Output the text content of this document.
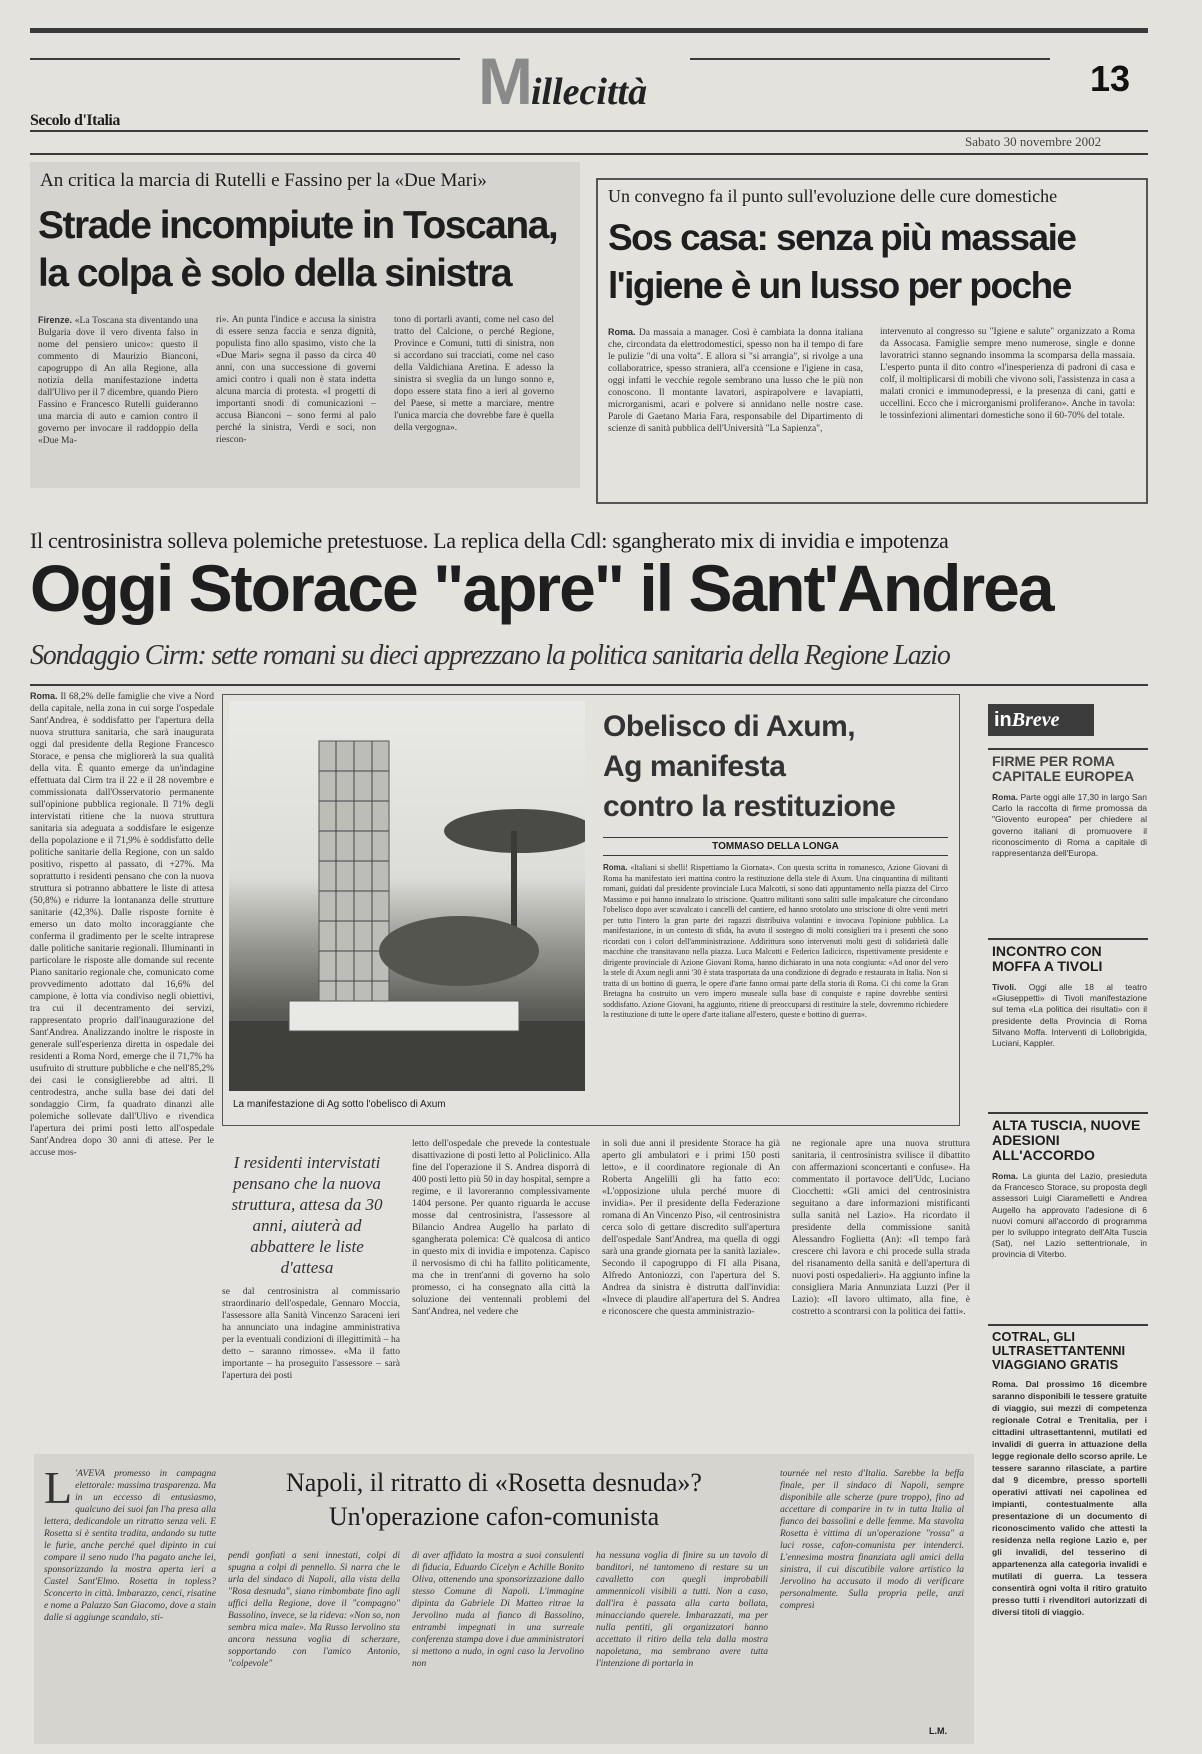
Millecittà	13
Secolo d'Italia
Sabato 30 novembre 2002
An critica la marcia di Rutelli e Fassino per la «Due Mari»
Strade incompiute in Toscana,
la colpa è solo della sinistra
Firenze. «La Toscana sta diventando una Bulgaria dove il vero diventa falso in nome del pensiero unico»: questo il commento di Maurizio Bianconi, capogruppo di An alla Regione, alla notizia della manifestazione indetta dall'Ulivo per il 7 dicembre, quando Piero Fassino e Francesco Rutelli guideranno una marcia di auto e camion contro il governo per invocare il raddoppio della «Due Ma-
ri». An punta l'indice e accusa la sinistra di essere senza faccia e senza dignità, populista fino allo spasimo, visto che la «Due Mari» segna il passo da circa 40 anni, con una successione di governi amici contro i quali non è stata indetta alcuna marcia di protesta. «I progetti di importanti snodi di comunicazioni – accusa Bianconi – sono fermi al palo perché la sinistra, Verdi e soci, non riescon-
tono di portarli avanti, come nel caso del tratto del Calcione, o perché Regione, Province e Comuni, tutti di sinistra, non si accordano sui tracciati, come nel caso della Valdichiana Aretina. E adesso la sinistra si sveglia da un lungo sonno e, dopo essere stata fino a ieri al governo del Paese, si mette a marciare, mentre l'unica marcia che dovrebbe fare è quella della vergogna».
Un convegno fa il punto sull'evoluzione delle cure domestiche
Sos casa: senza più massaie
l'igiene è un lusso per poche
Roma. Da massaia a manager. Così è cambiata la donna italiana che, circondata da elettrodomestici, spesso non ha il tempo di fare le pulizie "di una volta". E allora si "si arrangia", si rivolge a una collaboratrice, spesso straniera, all'a ccensione e l'igiene in casa, oggi infatti le vecchie regole sembrano una lusso che le più non conoscono. Il montante lavatori, aspirapolvere e lavapiatti, microrganismi, acari e polvere si annidano nelle nostre case. Parole di Gaetano Maria Fara, responsabile del Dipartimento di scienze di sanità pubblica dell'Università "La Sapienza",
intervenuto al congresso su "Igiene e salute" organizzato a Roma da Assocasa. Famiglie sempre meno numerose, single e donne lavoratrici stanno segnando insomma la scomparsa della massaia. L'esperto punta il dito contro «l'inesperienza di padroni di casa e colf, il moltiplicarsi di mobili che vivono soli, l'assistenza in casa a malati cronici e immunodepressi, e la presenza di cani, gatti e uccellini. Ecco che i microrganismi proliferano». Anche in tavola: le tossinfezioni alimentari domestiche sono il 60-70% del totale.
Il centrosinistra solleva polemiche pretestuose. La replica della Cdl: sgangherato mix di invidia e impotenza
Oggi Storace "apre" il Sant'Andrea
Sondaggio Cirm: sette romani su dieci apprezzano la politica sanitaria della Regione Lazio
Roma. Il 68,2% delle famiglie che vive a Nord della capitale, nella zona in cui sorge l'ospedale Sant'Andrea, è soddisfatto per l'apertura della nuova struttura sanitaria, che sarà inaugurata oggi dal presidente della Regione Francesco Storace, e pensa che migliorerà la sua qualità della vita. È quanto emerge da un'indagine effettuata dal Cirm tra il 22 e il 28 novembre e commissionata dall'Osservatorio permanente sull'opinione pubblica regionale. Il 71% degli intervistati ritiene che la nuova struttura sanitaria sia adeguata a soddisfare le esigenze della popolazione e il 71,9% è soddisfatto delle politiche sanitarie della Regione, con un saldo positivo, rispetto al passato, di +27%. Ma soprattutto i residenti pensano che con la nuova struttura si potranno abbattere le liste di attesa (50,8%) e ridurre la lontananza delle strutture sanitarie (42,3%). Dalle risposte fornite è emerso un dato molto incoraggiante che conferma il gradimento per le scelte intraprese dalle politiche sanitarie regionali. Illuminanti in particolare le risposte alle domande sul recente Piano sanitario regionale che, comunicato come provvedimento adottato dal 16,6% del campione, è lotta via condiviso negli obiettivi, tra cui il decentramento dei servizi, rappresentato proprio dall'inaugurazione del Sant'Andrea. Analizzando inoltre le risposte in generale sull'esperienza diretta in ospedale dei residenti a Roma Nord, emerge che il 71,7% ha usufruito di strutture pubbliche e che nell'85,2% dei casi le consiglierebbe ad altri. Il centrodestra, anche sulla base dei dati del sondaggio Cirm, fa quadrato dinanzi alle polemiche sollevate dall'Ulivo e rivendica l'apertura dei primi posti letto all'ospedale Sant'Andrea dopo 30 anni di attese. Per le accuse mos-
La manifestazione di Ag sotto l'obelisco di Axum
Obelisco di Axum,
Ag manifesta
contro la restituzione
TOMMASO DELLA LONGA
Roma. «Italiani si sbelli! Rispettiamo la Giornata». Con questa scritta in romanesco, Azione Giovani di Roma ha manifestato ieri mattina contro la restituzione della stele di Axum. Una cinquantina di militanti romani, guidati dal presidente provinciale Luca Malcotti, si sono dati appuntamento nella piazza del Circo Massimo e poi hanno innalzato lo striscione. Quattro militanti sono saliti sulle impalcature che circondano l'obelisco dopo aver scavalcato i cancelli del cantiere, ed hanno srotolato uno striscione di oltre venti metri per tutto l'intero la gran parte dei ragazzi distribuiva volantini e invocava l'opinione pubblica. La manifestazione, in un contesto di sfida, ha avuto il sostegno di molti consiglieri tra i presenti che sono ricordati con i colori dell'amministrazione. Addirittura sono intervenuti molti gesti di solidarietà dalle macchine che transitavano nella piazza. Luca Malcotti e Federico Iadicicco, rispettivamente presidente e dirigente provinciale di Azione Giovani Roma, hanno dichiarato in una nota congiunta: «Ad onor del vero la stele di Axum negli anni '30 è stata trasportata da una condizione di degrado e restaurata in Italia. Non si tratta di un bottino di guerra, le opere d'arte fanno ormai parte della storia di Roma. Ci chi come la Gran Bretagna ha costruito un vero impero museale sulla base di conquiste e rapine dovrebbe sentirsi soddisfatto. Azione Giovani, ha aggiunto, ritiene di preoccuparsi di restituire la stele, dovremmo richiedere la restituzione di tutte le opere d'arte italiane all'estero, queste e bottino di guerra».
I residenti intervistati pensano che la nuova struttura, attesa da 30 anni, aiuterà ad abbattere le liste d'attesa
se dal centrosinistra al commissario straordinario dell'ospedale, Gennaro Moccia, l'assessore alla Sanità Vincenzo Saraceni ieri ha annunciato una indagine amministrativa per la eventuali condizioni di illegittimità – ha detto – saranno rimosse». «Ma il fatto importante – ha proseguito l'assessore – sarà l'apertura dei posti
letto dell'ospedale che prevede la contestuale disattivazione di posti letto al Policlinico. Alla fine del l'operazione il S. Andrea disporrà di 400 posti letto più 50 in day hospital, sempre a regime, e il lavoreranno complessivamente 1404 persone. Per quanto riguarda le accuse mosse dal centrosinistra, l'assessore al Bilancio Andrea Augello ha parlato di sgangherata polemica: C'è qualcosa di antico in questo mix di invidia e impotenza. Capisco il nervosismo di chi ha fallito politicamente, ma che in trent'anni di governo ha solo promesso, ci ha consegnato alla città la soluzione dei ventennali problemi del Sant'Andrea, nel vedere che
in soli due anni il presidente Storace ha già aperto gli ambulatori e i primi 150 posti letto», e il coordinatore regionale di An Roberta Angelilli gli ha fatto eco: «L'opposizione ulula perché muore di invidia». Per il presidente della Federazione romana di An Vincenzo Piso, «il centrosinistra cerca solo di gettare discredito sull'apertura dell'ospedale Sant'Andrea, ma quella di oggi sarà una grande giornata per la sanità laziale». Secondo il capogruppo di FI alla Pisana, Alfredo Antoniozzi, con l'apertura del S. Andrea da sinistra è distrutta dall'invidia: «Invece di plaudire all'apertura del S. Andrea e riconoscere che questa amministrazio-
ne regionale apre una nuova struttura sanitaria, il centrosinistra svilisce il dibattito con affermazioni sconcertanti e confuse». Ha commentato il portavoce dell'Udc, Luciano Ciocchetti: «Gli amici del centrosinistra seguitano a dare informazioni mistificanti sulla sanità nel Lazio». Ha ricordato il presidente della commissione sanità Alessandro Foglietta (An): «Il tempo farà crescere chi lavora e chi procede sulla strada del risanamento della sanità e dell'apertura di nuovi posti ospedalieri». Ha aggiunto infine la consigliera Maria Annunziata Luzzi (Per il Lazio): «Il lavoro ultimato, alla fine, è costretto a scontrarsi con la politica dei fatti».
inBreve
FIRME PER ROMA CAPITALE EUROPEA
Roma. Parte oggi alle 17,30 in largo San Carlo la raccolta di firme promossa da "Giovento europea" per chiedere al governo italiani di promuovere il riconoscimento di Roma a capitale di rappresentanza dell'Europa.
INCONTRO CON MOFFA A TIVOLI
Tivoli. Oggi alle 18 al teatro «Giuseppetti» di Tivoli manifestazione sul tema «La politica dei risultati» con il presidente della Provincia di Roma Silvano Moffa. Interventi di Lollobrigida, Luciani, Kappler.
ALTA TUSCIA, NUOVE ADESIONI ALL'ACCORDO
Roma. La giunta del Lazio, presieduta da Francesco Storace, su proposta degli assessori Luigi Ciaramelletti e Andrea Augello ha approvato l'adesione di 6 nuovi comuni all'accordo di programma per lo sviluppo integrato dell'Alta Tuscia (Sat), nel Lazio settentrionale, in provincia di Viterbo.
COTRAL, GLI ULTRASETTANTENNI VIAGGIANO GRATIS
Roma. Dal prossimo 16 dicembre saranno disponibili le tessere gratuite di viaggio, sui mezzi di competenza regionale Cotral e Trenitalia, per i cittadini ultrasettantenni, mutilati ed invalidi di guerra in attuazione della legge regionale dello scorso aprile. Le tessere saranno rilasciate, a partire dal 9 dicembre, presso sportelli operativi attivati nei capolinea ed impianti, contestualmente alla presentazione di un documento di riconoscimento valido che attesti la residenza nella regione Lazio e, per gli invalidi, del tesserino di appartenenza alla categoria invalidi e mutilati di guerra. La tessera consentirà ogni volta il ritiro gratuito presso tutti i rivenditori autorizzati di diversi titoli di viaggio.
Napoli, il ritratto di «Rosetta desnuda»?
Un'operazione cafon-comunista
L 'AVEVA promesso in campagna elettorale: massima trasparenza. Ma in un eccesso di entusiasmo, qualcuno dei suoi fan l'ha presa alla lettera, dedicandole un ritratto senza veli. E Rosetta si è sentita tradita, andando su tutte le furie, anche perché quel dipinto in cui compare il seno nudo l'ha pagato anche lei, sponsorizzando la mostra aperta ieri a Castel Sant'Elmo. Rosetta in topless? Sconcerto in città. Imbarazzo, cenci, risatine e nome a Palazzo San Giacomo, dove a stain dalle si aggiunge scandalo, sti-
pendi gonfiati a seni innestati, colpi di spugna a colpi di pennello. Si narra che le urla del sindaco di Napoli, alla vista della "Rosa desnuda", siano rimbombate fino agli uffici della Regione, dove il "compagno" Bassolino, invece, se la rideva: «Non so, non sembra mica male». Ma Russo Iervolino sta ancora nessuna voglia di scherzare, sopportando con l'amico Antonio, "colpevole"
di aver affidato la mostra a suoi consulenti di fiducia, Eduardo Cicelyn e Achille Bonito Oliva, ottenendo una sponsorizzazione dallo stesso Comune di Napoli. L'immagine dipinta da Gabriele Di Matteo ritrae la Jervolino nuda al fianco di Bassolino, entrambi impegnati in una surreale conferenza stampa dove i due amministratori si mettono a nudo, in ogni caso la Jervolino non
ha nessuna voglia di finire su un tavolo di banditori, né tantomeno di restare su un cavalletto con quegli improbabili ammennicoli visibili a tutti. Non a caso, dall'ira è passata alla carta bollata, minacciando querele. Imbarazzati, ma per nulla pentiti, gli organizzatori hanno accettato il ritiro della tela dalla mostra napoletana, ma sembrano avere tutta l'intenzione di portarla in
tournée nel resto d'Italia. Sarebbe la beffa finale, per il sindaco di Napoli, sempre disponibile alle scherze (pure troppo), fino ad accettare di comparire in tv in tutta Italia al fianco dei bassolini e delle femme. Ma stavolta Rosetta è vittima di un'operazione "rossa" a luci rosse, cafon-comunista per intenderci. L'ennesima mostra finanziata agli amici della sinistra, il cui discutibile valore artistico la Jervolino ha accusato il modo di verificare personalmente. Sulla propria pelle, anzi compresi
L.M.
